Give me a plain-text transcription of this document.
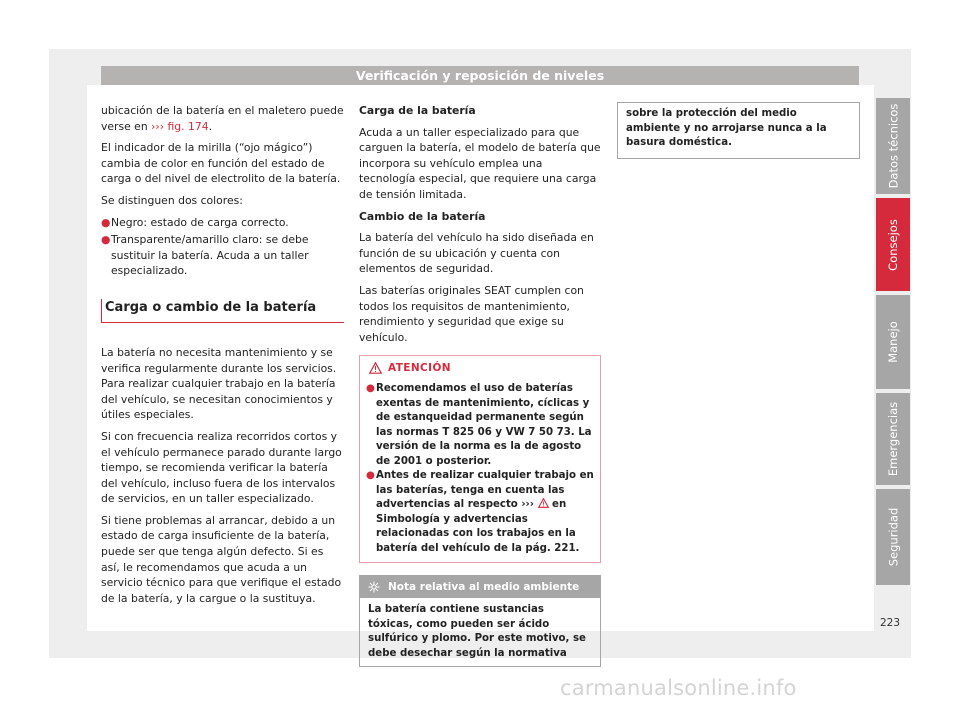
Verificación y reposición de niveles

ubicación de la batería en el maletero puede verse en ››› fig. 174.

El indicador de la mirilla (“ojo mágico”) cambia de color en función del estado de carga o del nivel de electrolito de la batería.

Se distinguen dos colores:

● Negro: estado de carga correcto.
● Transparente/amarillo claro: se debe sustituir la batería. Acuda a un taller especializado.
Carga o cambio de la batería

La batería no necesita mantenimiento y se verifica regularmente durante los servicios. Para realizar cualquier trabajo en la batería del vehículo, se necesitan conocimientos y útiles especiales.

Si con frecuencia realiza recorridos cortos y el vehículo permanece parado durante largo tiempo, se recomienda verificar la batería del vehículo, incluso fuera de los intervalos de servicios, en un taller especializado.

Si tiene problemas al arrancar, debido a un estado de carga insuficiente de la batería, puede ser que tenga algún defecto. Si es así, le recomendamos que acuda a un servicio técnico para que verifique el estado de la batería, y la cargue o la sustituya.

Carga de la batería

Acuda a un taller especializado para que carguen la batería, el modelo de batería que incorpora su vehículo emplea una tecnología especial, que requiere una carga de tensión limitada.

Cambio de la batería

La batería del vehículo ha sido diseñada en función de su ubicación y cuenta con elementos de seguridad.

Las baterías originales SEAT cumplen con todos los requisitos de mantenimiento, rendimiento y seguridad que exige su vehículo.

ATENCIÓN
● Recomendamos el uso de baterías exentas de mantenimiento, cíclicas y de estanqueidad permanente según las normas T 825 06 y VW 7 50 73. La versión de la norma es la de agosto de 2001 o posterior.
● Antes de realizar cualquier trabajo en las baterías, tenga en cuenta las advertencias al respecto ›››  en Simbología y advertencias relacionadas con los trabajos en la batería del vehículo de la pág. 221.
Nota relativa al medio ambiente
La batería contiene sustancias tóxicas, como pueden ser ácido sulfúrico y plomo. Por este motivo, se debe desechar según la normativa
sobre la protección del medio ambiente y no arrojarse nunca a la basura doméstica.	Datos técnicos
Consejos
Manejo
Emergencias
Seguridad
223
carmanualsonline.info
